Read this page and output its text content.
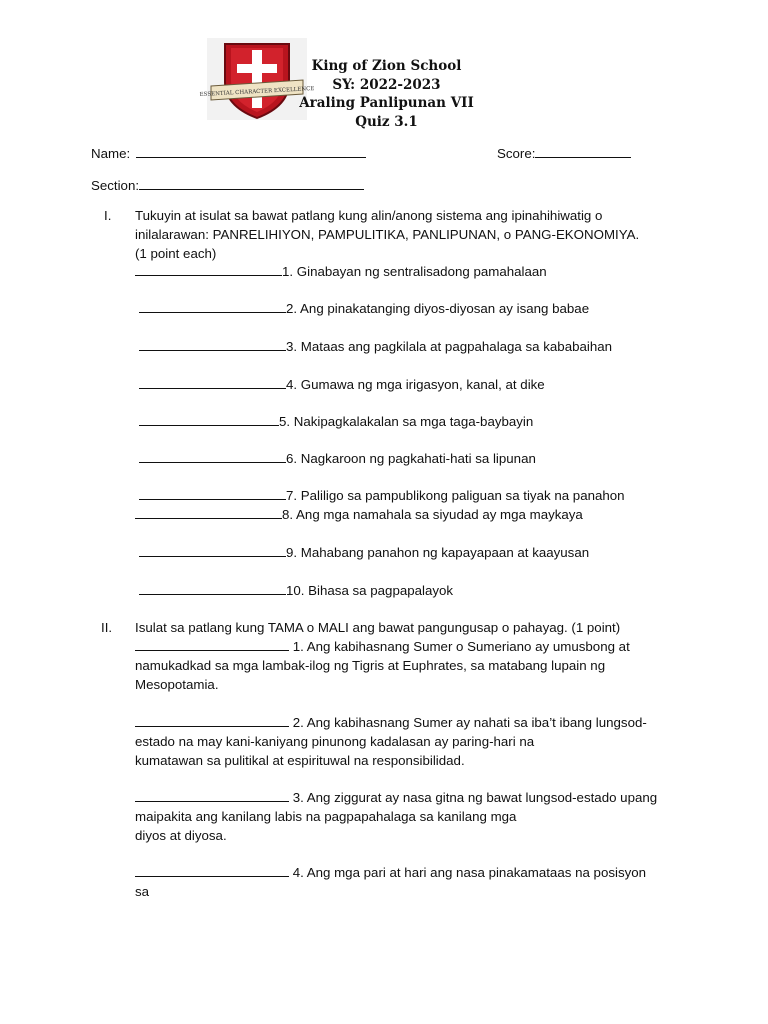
ESSENTIAL CHARACTER EXCELLENCE
King of Zion School
SY: 2022-2023
Araling Panlipunan VII
Quiz 3.1
Name:	Score:
Section:
I. Tukuyin at isulat sa bawat patlang kung alin/anong sistema ang ipinahihiwatig o
inilalarawan: PANRELIHIYON, PAMPULITIKA, PANLIPUNAN, o PANG-EKONOMIYA.
(1 point each)
1. Ginabayan ng sentralisadong pamahalaan
2. Ang pinakatanging diyos-diyosan ay isang babae
3. Mataas ang pagkilala at pagpahalaga sa kababaihan
4. Gumawa ng mga irigasyon, kanal, at dike
5. Nakipagkalakalan sa mga taga-baybayin
6. Nagkaroon ng pagkahati-hati sa lipunan
7. Paliligo sa pampublikong paliguan sa tiyak na panahon
8. Ang mga namahala sa siyudad ay mga maykaya
9. Mahabang panahon ng kapayapaan at kaayusan
10. Bihasa sa pagpapalayok
II. Isulat sa patlang kung TAMA o MALI ang bawat pangungusap o pahayag. (1 point)
1. Ang kabihasnang Sumer o Sumeriano ay umusbong at
namukadkad sa mga lambak-ilog ng Tigris at Euphrates, sa matabang lupain ng
Mesopotamia.
2. Ang kabihasnang Sumer ay nahati sa iba’t ibang lungsod-
estado na may kani-kaniyang pinunong kadalasan ay paring-hari na
kumatawan sa pulitikal at espirituwal na responsibilidad.
3. Ang ziggurat ay nasa gitna ng bawat lungsod-estado upang
maipakita ang kanilang labis na pagpapahalaga sa kanilang mga
diyos at diyosa.
4. Ang mga pari at hari ang nasa pinakamataas na posisyon
sa
